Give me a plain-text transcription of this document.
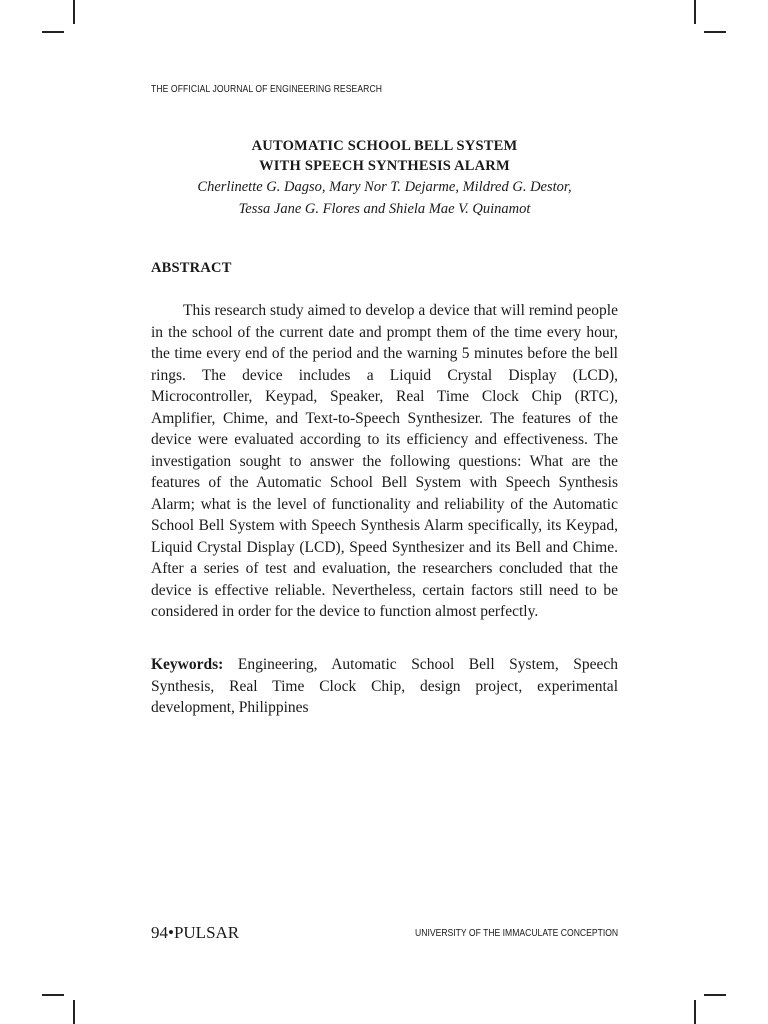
THE OFFICIAL JOURNAL OF ENGINEERING RESEARCH
AUTOMATIC SCHOOL BELL SYSTEM
WITH SPEECH SYNTHESIS ALARM
Cherlinette G. Dagso, Mary Nor T. Dejarme, Mildred G. Destor,
Tessa Jane G. Flores and Shiela Mae V. Quinamot
ABSTRACT

This research study aimed to develop a device that will remind people in the school of the current date and prompt them of the time every hour, the time every end of the period and the warning 5 minutes before the bell rings. The device includes a Liquid Crystal Display (LCD), Microcontroller, Keypad, Speaker, Real Time Clock Chip (RTC), Amplifier, Chime, and Text-to-Speech Synthesizer. The features of the device were evaluated according to its efficiency and effectiveness. The investigation sought to answer the following questions: What are the features of the Automatic School Bell System with Speech Synthesis Alarm; what is the level of functionality and reliability of the Automatic School Bell System with Speech Synthesis Alarm specifically, its Keypad, Liquid Crystal Display (LCD), Speed Synthesizer and its Bell and Chime. After a series of test and evaluation, the researchers concluded that the device is effective reliable. Nevertheless, certain factors still need to be considered in order for the device to function almost perfectly.

Keywords: Engineering, Automatic School Bell System, Speech Synthesis, Real Time Clock Chip, design project, experimental development, Philippines

94•PULSAR	UNIVERSITY OF THE IMMACULATE CONCEPTION
